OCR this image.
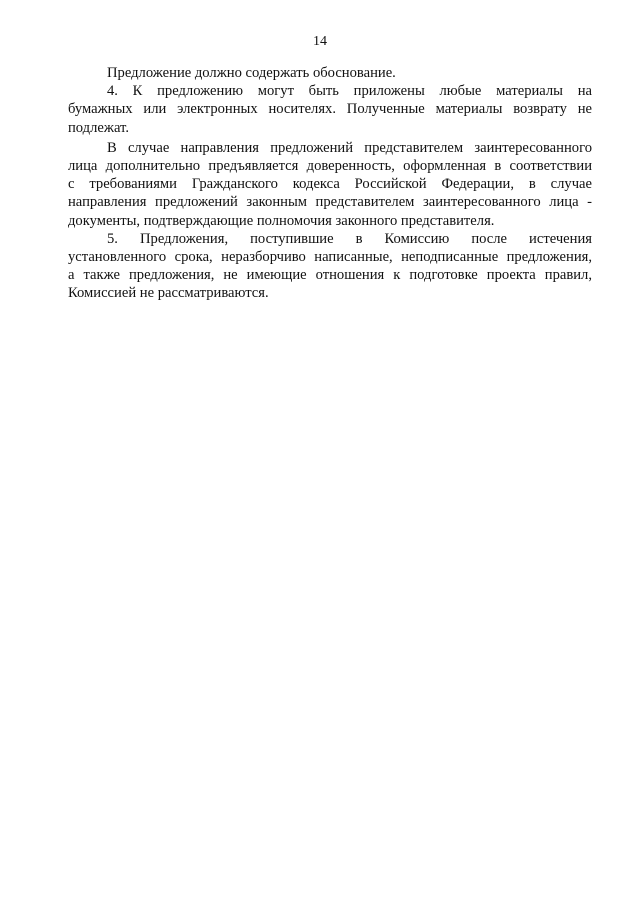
14

Предложение должно содержать обоснование.

4. К предложению могут быть приложены любые материалы на
бумажных или электронных носителях. Полученные материалы возврату не
подлежат.

В случае направления предложений представителем заинтересованного
лица дополнительно предъявляется доверенность, оформленная в соответствии
с требованиями Гражданского кодекса Российской Федерации, в случае
направления предложений законным представителем заинтересованного лица -
документы, подтверждающие полномочия законного представителя.

5. Предложения, поступившие в Комиссию после истечения
установленного срока, неразборчиво написанные, неподписанные предложения,
а также предложения, не имеющие отношения к подготовке проекта правил,
Комиссией не рассматриваются.
